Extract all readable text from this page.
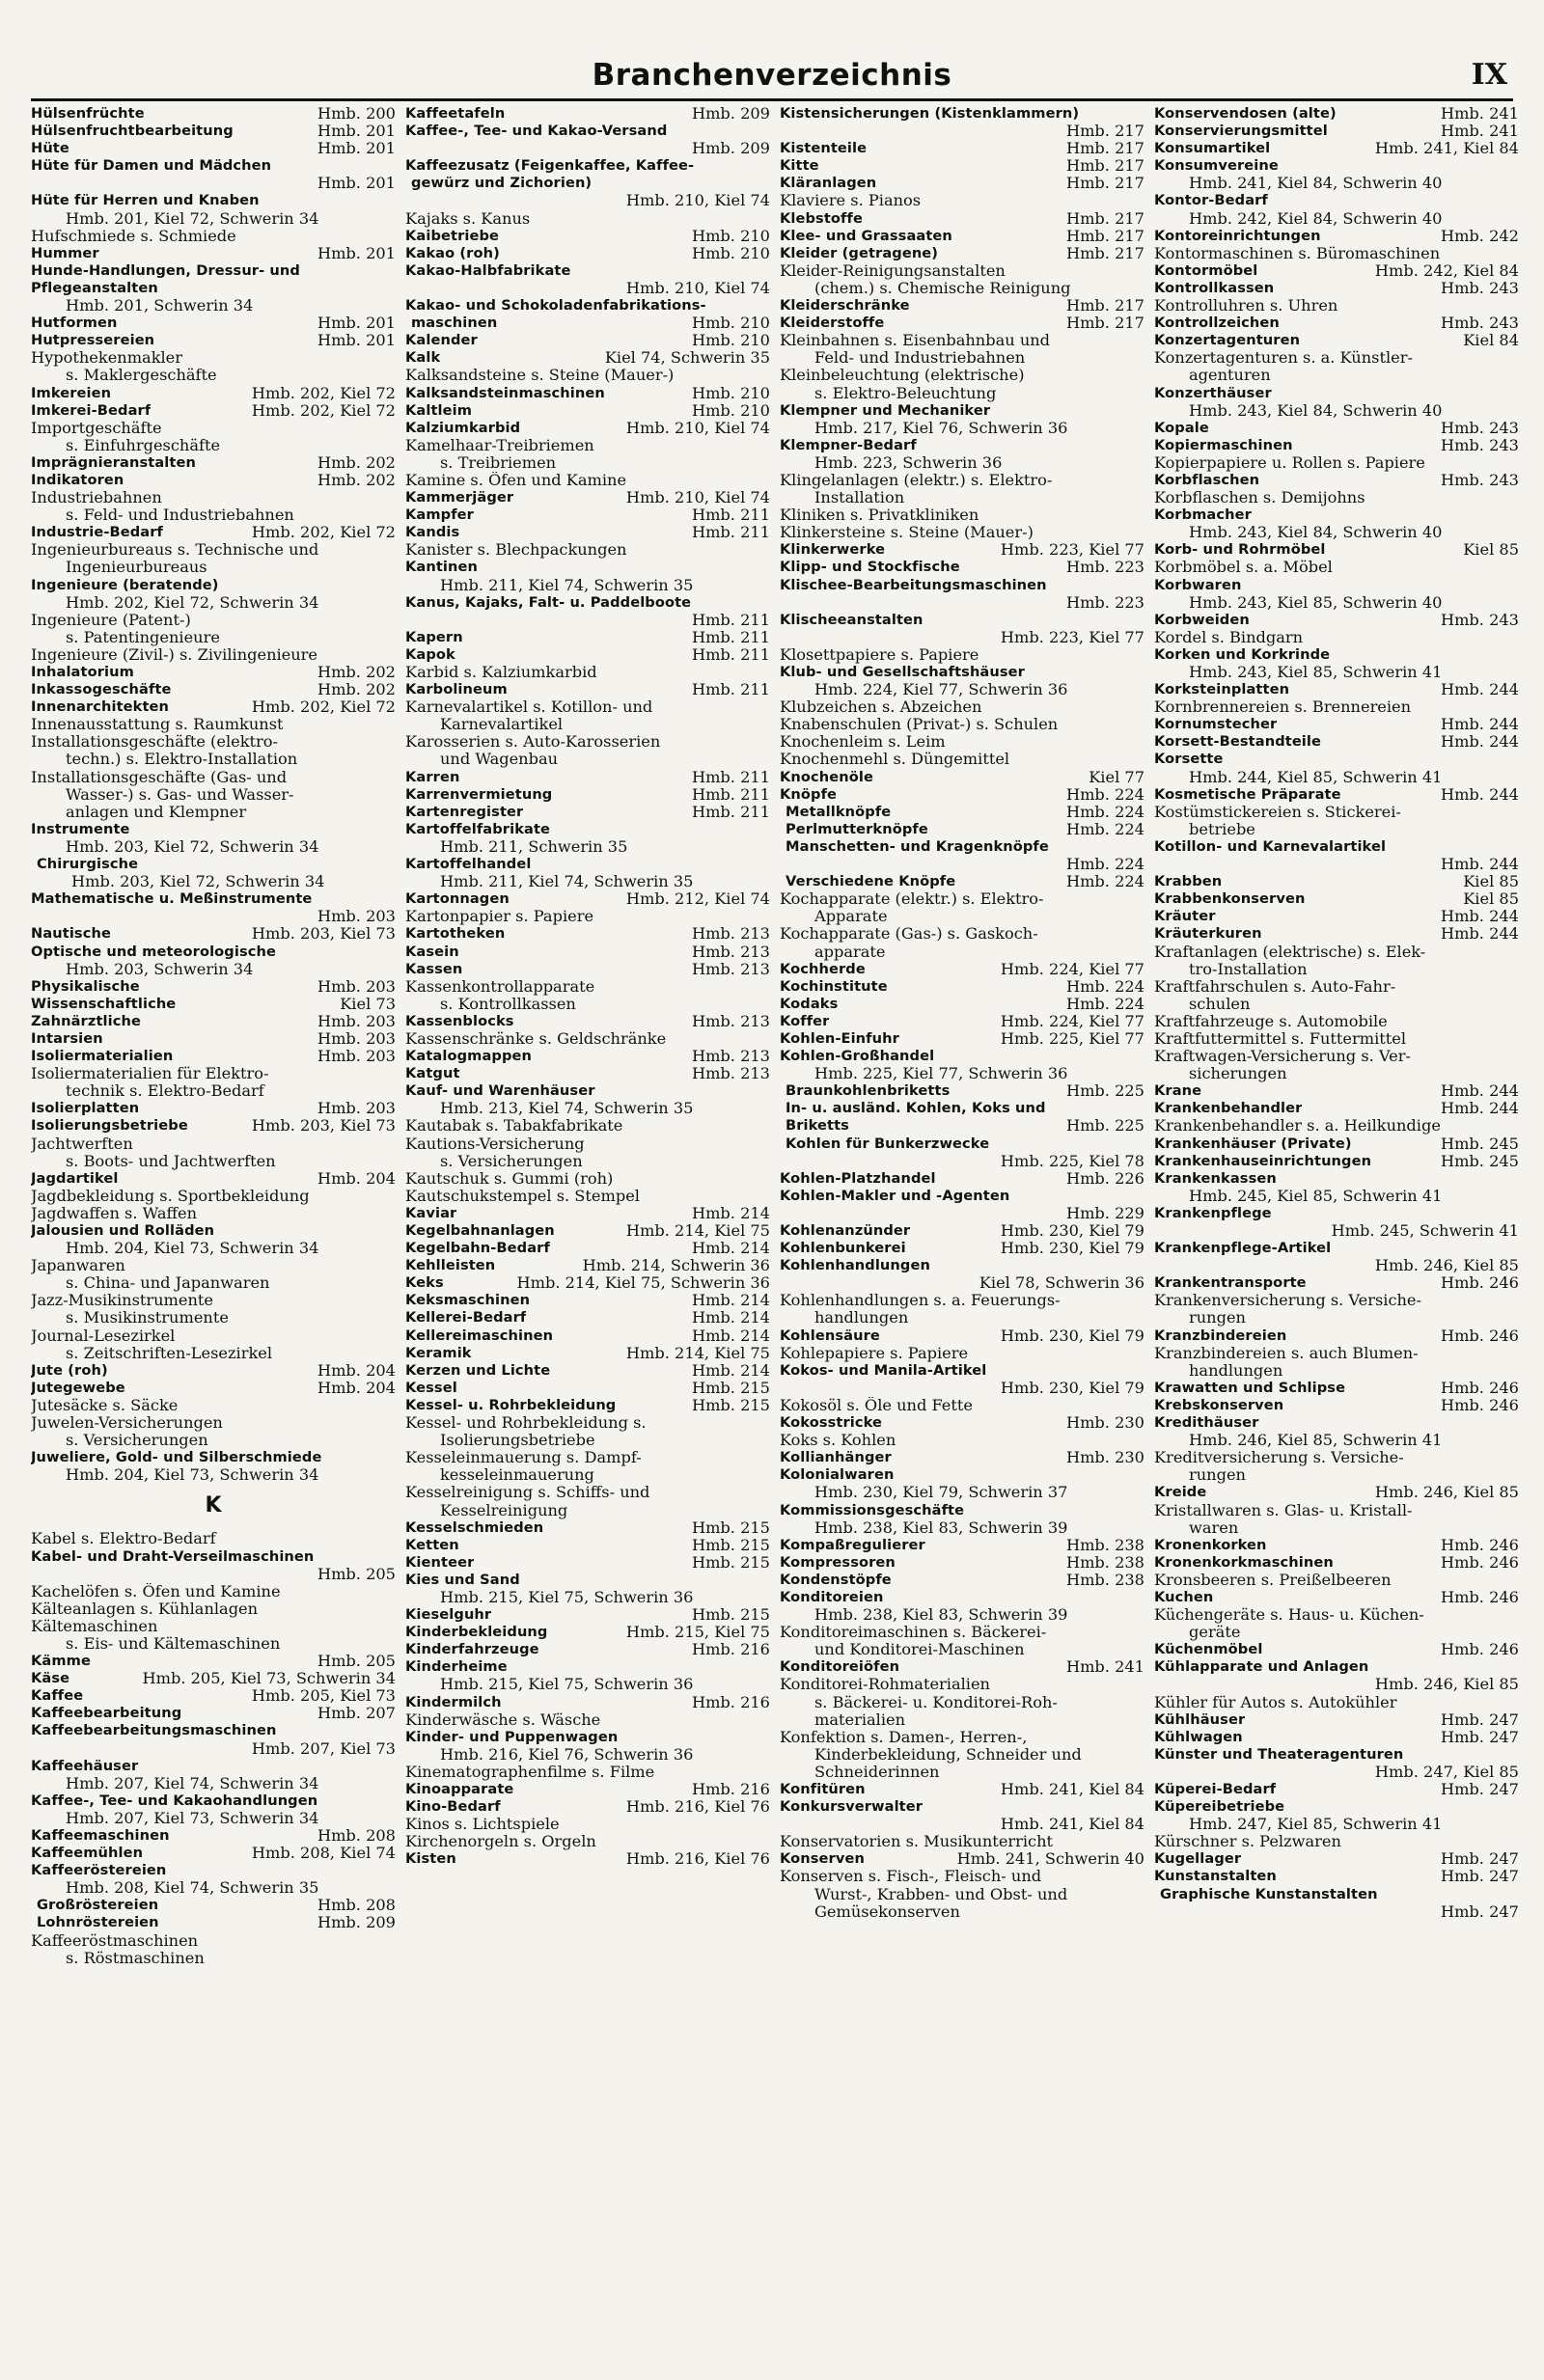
Branchenverzeichnis	IX
Hülsenfrüchte	Hmb. 200
Hülsenfruchtbearbeitung	Hmb. 201
Hüte	Hmb. 201
Hüte für Damen und Mädchen
Hmb. 201
Hüte für Herren und Knaben
Hmb. 201, Kiel 72, Schwerin 34
Hufschmiede s. Schmiede
Hummer	Hmb. 201
Hunde-Handlungen, Dressur- und
Pflegeanstalten
Hmb. 201, Schwerin 34
Hutformen	Hmb. 201
Hutpressereien	Hmb. 201
Hypothekenmakler
s. Maklergeschäfte
Imkereien	Hmb. 202, Kiel 72
Imkerei-Bedarf	Hmb. 202, Kiel 72
Importgeschäfte
s. Einfuhrgeschäfte
Imprägnieranstalten	Hmb. 202
Indikatoren	Hmb. 202
Industriebahnen
s. Feld- und Industriebahnen
Industrie-Bedarf	Hmb. 202, Kiel 72
Ingenieurbureaus s. Technische und
Ingenieurbureaus
Ingenieure (beratende)
Hmb. 202, Kiel 72, Schwerin 34
Ingenieure (Patent-)
s. Patentingenieure
Ingenieure (Zivil-) s. Zivilingenieure
Inhalatorium	Hmb. 202
Inkassogeschäfte	Hmb. 202
Innenarchitekten	Hmb. 202, Kiel 72
Innenausstattung s. Raumkunst
Installationsgeschäfte (elektro-
techn.) s. Elektro-Installation
Installationsgeschäfte (Gas- und
Wasser-) s. Gas- und Wasser-
anlagen und Klempner
Instrumente
Hmb. 203, Kiel 72, Schwerin 34
Chirurgische
Hmb. 203, Kiel 72, Schwerin 34
Mathematische u. Meßinstrumente
Hmb. 203
Nautische	Hmb. 203, Kiel 73
Optische und meteorologische
Hmb. 203, Schwerin 34
Physikalische	Hmb. 203
Wissenschaftliche	Kiel 73
Zahnärztliche	Hmb. 203
Intarsien	Hmb. 203
Isoliermaterialien	Hmb. 203
Isoliermaterialien für Elektro-
technik s. Elektro-Bedarf
Isolierplatten	Hmb. 203
Isolierungsbetriebe	Hmb. 203, Kiel 73
Jachtwerften
s. Boots- und Jachtwerften
Jagdartikel	Hmb. 204
Jagdbekleidung s. Sportbekleidung
Jagdwaffen s. Waffen
Jalousien und Rolläden
Hmb. 204, Kiel 73, Schwerin 34
Japanwaren
s. China- und Japanwaren
Jazz-Musikinstrumente
s. Musikinstrumente
Journal-Lesezirkel
s. Zeitschriften-Lesezirkel
Jute (roh)	Hmb. 204
Jutegewebe	Hmb. 204
Jutesäcke s. Säcke
Juwelen-Versicherungen
s. Versicherungen
Juweliere, Gold- und Silberschmiede
Hmb. 204, Kiel 73, Schwerin 34
K
Kabel s. Elektro-Bedarf
Kabel- und Draht-Verseilmaschinen
Hmb. 205
Kachelöfen s. Öfen und Kamine
Kälteanlagen s. Kühlanlagen
Kältemaschinen
s. Eis- und Kältemaschinen
Kämme	Hmb. 205
Käse	Hmb. 205, Kiel 73, Schwerin 34
Kaffee	Hmb. 205, Kiel 73
Kaffeebearbeitung	Hmb. 207
Kaffeebearbeitungsmaschinen
Hmb. 207, Kiel 73
Kaffeehäuser
Hmb. 207, Kiel 74, Schwerin 34
Kaffee-, Tee- und Kakaohandlungen
Hmb. 207, Kiel 73, Schwerin 34
Kaffeemaschinen	Hmb. 208
Kaffeemühlen	Hmb. 208, Kiel 74
Kaffeeröstereien
Hmb. 208, Kiel 74, Schwerin 35
Großröstereien	Hmb. 208
Lohnröstereien	Hmb. 209
Kaffeeröstmaschinen
s. Röstmaschinen
Kaffeetafeln	Hmb. 209
Kaffee-, Tee- und Kakao-Versand
Hmb. 209
Kaffeezusatz (Feigenkaffee, Kaffee-
gewürz und Zichorien)
Hmb. 210, Kiel 74
Kajaks s. Kanus
Kaibetriebe	Hmb. 210
Kakao (roh)	Hmb. 210
Kakao-Halbfabrikate
Hmb. 210, Kiel 74
Kakao- und Schokoladenfabrikations-
maschinen	Hmb. 210
Kalender	Hmb. 210
Kalk	Kiel 74, Schwerin 35
Kalksandsteine s. Steine (Mauer-)
Kalksandsteinmaschinen	Hmb. 210
Kaltleim	Hmb. 210
Kalziumkarbid	Hmb. 210, Kiel 74
Kamelhaar-Treibriemen
s. Treibriemen
Kamine s. Öfen und Kamine
Kammerjäger	Hmb. 210, Kiel 74
Kampfer	Hmb. 211
Kandis	Hmb. 211
Kanister s. Blechpackungen
Kantinen
Hmb. 211, Kiel 74, Schwerin 35
Kanus, Kajaks, Falt- u. Paddelboote
Hmb. 211
Kapern	Hmb. 211
Kapok	Hmb. 211
Karbid s. Kalziumkarbid
Karbolineum	Hmb. 211
Karnevalartikel s. Kotillon- und
Karnevalartikel
Karosserien s. Auto-Karosserien
und Wagenbau
Karren	Hmb. 211
Karrenvermietung	Hmb. 211
Kartenregister	Hmb. 211
Kartoffelfabrikate
Hmb. 211, Schwerin 35
Kartoffelhandel
Hmb. 211, Kiel 74, Schwerin 35
Kartonnagen	Hmb. 212, Kiel 74
Kartonpapier s. Papiere
Kartotheken	Hmb. 213
Kasein	Hmb. 213
Kassen	Hmb. 213
Kassenkontrollapparate
s. Kontrollkassen
Kassenblocks	Hmb. 213
Kassenschränke s. Geldschränke
Katalogmappen	Hmb. 213
Katgut	Hmb. 213
Kauf- und Warenhäuser
Hmb. 213, Kiel 74, Schwerin 35
Kautabak s. Tabakfabrikate
Kautions-Versicherung
s. Versicherungen
Kautschuk s. Gummi (roh)
Kautschukstempel s. Stempel
Kaviar	Hmb. 214
Kegelbahnanlagen	Hmb. 214, Kiel 75
Kegelbahn-Bedarf	Hmb. 214
Kehlleisten	Hmb. 214, Schwerin 36
Keks	Hmb. 214, Kiel 75, Schwerin 36
Keksmaschinen	Hmb. 214
Kellerei-Bedarf	Hmb. 214
Kellereimaschinen	Hmb. 214
Keramik	Hmb. 214, Kiel 75
Kerzen und Lichte	Hmb. 214
Kessel	Hmb. 215
Kessel- u. Rohrbekleidung	Hmb. 215
Kessel- und Rohrbekleidung s.
Isolierungsbetriebe
Kesseleinmauerung s. Dampf-
kesseleinmauerung
Kesselreinigung s. Schiffs- und
Kesselreinigung
Kesselschmieden	Hmb. 215
Ketten	Hmb. 215
Kienteer	Hmb. 215
Kies und Sand
Hmb. 215, Kiel 75, Schwerin 36
Kieselguhr	Hmb. 215
Kinderbekleidung	Hmb. 215, Kiel 75
Kinderfahrzeuge	Hmb. 216
Kinderheime
Hmb. 215, Kiel 75, Schwerin 36
Kindermilch	Hmb. 216
Kinderwäsche s. Wäsche
Kinder- und Puppenwagen
Hmb. 216, Kiel 76, Schwerin 36
Kinematographenfilme s. Filme
Kinoapparate	Hmb. 216
Kino-Bedarf	Hmb. 216, Kiel 76
Kinos s. Lichtspiele
Kirchenorgeln s. Orgeln
Kisten	Hmb. 216, Kiel 76
Kistensicherungen (Kistenklammern)
Hmb. 217
Kistenteile	Hmb. 217
Kitte	Hmb. 217
Kläranlagen	Hmb. 217
Klaviere s. Pianos
Klebstoffe	Hmb. 217
Klee- und Grassaaten	Hmb. 217
Kleider (getragene)	Hmb. 217
Kleider-Reinigungsanstalten
(chem.) s. Chemische Reinigung
Kleiderschränke	Hmb. 217
Kleiderstoffe	Hmb. 217
Kleinbahnen s. Eisenbahnbau und
Feld- und Industriebahnen
Kleinbeleuchtung (elektrische)
s. Elektro-Beleuchtung
Klempner und Mechaniker
Hmb. 217, Kiel 76, Schwerin 36
Klempner-Bedarf
Hmb. 223, Schwerin 36
Klingelanlagen (elektr.) s. Elektro-
Installation
Kliniken s. Privatkliniken
Klinkersteine s. Steine (Mauer-)
Klinkerwerke	Hmb. 223, Kiel 77
Klipp- und Stockfische	Hmb. 223
Klischee-Bearbeitungsmaschinen
Hmb. 223
Klischeeanstalten
Hmb. 223, Kiel 77
Klosettpapiere s. Papiere
Klub- und Gesellschaftshäuser
Hmb. 224, Kiel 77, Schwerin 36
Klubzeichen s. Abzeichen
Knabenschulen (Privat-) s. Schulen
Knochenleim s. Leim
Knochenmehl s. Düngemittel
Knochenöle	Kiel 77
Knöpfe	Hmb. 224
Metallknöpfe	Hmb. 224
Perlmutterknöpfe	Hmb. 224
Manschetten- und Kragenknöpfe
Hmb. 224
Verschiedene Knöpfe	Hmb. 224
Kochapparate (elektr.) s. Elektro-
Apparate
Kochapparate (Gas-) s. Gaskoch-
apparate
Kochherde	Hmb. 224, Kiel 77
Kochinstitute	Hmb. 224
Kodaks	Hmb. 224
Koffer	Hmb. 224, Kiel 77
Kohlen-Einfuhr	Hmb. 225, Kiel 77
Kohlen-Großhandel
Hmb. 225, Kiel 77, Schwerin 36
Braunkohlenbriketts	Hmb. 225
In- u. ausländ. Kohlen, Koks und
Briketts	Hmb. 225
Kohlen für Bunkerzwecke
Hmb. 225, Kiel 78
Kohlen-Platzhandel	Hmb. 226
Kohlen-Makler und -Agenten
Hmb. 229
Kohlenanzünder	Hmb. 230, Kiel 79
Kohlenbunkerei	Hmb. 230, Kiel 79
Kohlenhandlungen
Kiel 78, Schwerin 36
Kohlenhandlungen s. a. Feuerungs-
handlungen
Kohlensäure	Hmb. 230, Kiel 79
Kohlepapiere s. Papiere
Kokos- und Manila-Artikel
Hmb. 230, Kiel 79
Kokosöl s. Öle und Fette
Kokosstricke	Hmb. 230
Koks s. Kohlen
Kollianhänger	Hmb. 230
Kolonialwaren
Hmb. 230, Kiel 79, Schwerin 37
Kommissionsgeschäfte
Hmb. 238, Kiel 83, Schwerin 39
Kompaßregulierer	Hmb. 238
Kompressoren	Hmb. 238
Kondenstöpfe	Hmb. 238
Konditoreien
Hmb. 238, Kiel 83, Schwerin 39
Konditoreimaschinen s. Bäckerei-
und Konditorei-Maschinen
Konditoreiöfen	Hmb. 241
Konditorei-Rohmaterialien
s. Bäckerei- u. Konditorei-Roh-
materialien
Konfektion s. Damen-, Herren-,
Kinderbekleidung, Schneider und
Schneiderinnen
Konfitüren	Hmb. 241, Kiel 84
Konkursverwalter
Hmb. 241, Kiel 84
Konservatorien s. Musikunterricht
Konserven	Hmb. 241, Schwerin 40
Konserven s. Fisch-, Fleisch- und
Wurst-, Krabben- und Obst- und
Gemüsekonserven
Konservendosen (alte)	Hmb. 241
Konservierungsmittel	Hmb. 241
Konsumartikel	Hmb. 241, Kiel 84
Konsumvereine
Hmb. 241, Kiel 84, Schwerin 40
Kontor-Bedarf
Hmb. 242, Kiel 84, Schwerin 40
Kontoreinrichtungen	Hmb. 242
Kontormaschinen s. Büromaschinen
Kontormöbel	Hmb. 242, Kiel 84
Kontrollkassen	Hmb. 243
Kontrolluhren s. Uhren
Kontrollzeichen	Hmb. 243
Konzertagenturen	Kiel 84
Konzertagenturen s. a. Künstler-
agenturen
Konzerthäuser
Hmb. 243, Kiel 84, Schwerin 40
Kopale	Hmb. 243
Kopiermaschinen	Hmb. 243
Kopierpapiere u. Rollen s. Papiere
Korbflaschen	Hmb. 243
Korbflaschen s. Demijohns
Korbmacher
Hmb. 243, Kiel 84, Schwerin 40
Korb- und Rohrmöbel	Kiel 85
Korbmöbel s. a. Möbel
Korbwaren
Hmb. 243, Kiel 85, Schwerin 40
Korbweiden	Hmb. 243
Kordel s. Bindgarn
Korken und Korkrinde
Hmb. 243, Kiel 85, Schwerin 41
Korksteinplatten	Hmb. 244
Kornbrennereien s. Brennereien
Kornumstecher	Hmb. 244
Korsett-Bestandteile	Hmb. 244
Korsette
Hmb. 244, Kiel 85, Schwerin 41
Kosmetische Präparate	Hmb. 244
Kostümstickereien s. Stickerei-
betriebe
Kotillon- und Karnevalartikel
Hmb. 244
Krabben	Kiel 85
Krabbenkonserven	Kiel 85
Kräuter	Hmb. 244
Kräuterkuren	Hmb. 244
Kraftanlagen (elektrische) s. Elek-
tro-Installation
Kraftfahrschulen s. Auto-Fahr-
schulen
Kraftfahrzeuge s. Automobile
Kraftfuttermittel s. Futtermittel
Kraftwagen-Versicherung s. Ver-
sicherungen
Krane	Hmb. 244
Krankenbehandler	Hmb. 244
Krankenbehandler s. a. Heilkundige
Krankenhäuser (Private)	Hmb. 245
Krankenhauseinrichtungen	Hmb. 245
Krankenkassen
Hmb. 245, Kiel 85, Schwerin 41
Krankenpflege
Hmb. 245, Schwerin 41
Krankenpflege-Artikel
Hmb. 246, Kiel 85
Krankentransporte	Hmb. 246
Krankenversicherung s. Versiche-
rungen
Kranzbindereien	Hmb. 246
Kranzbindereien s. auch Blumen-
handlungen
Krawatten und Schlipse	Hmb. 246
Krebskonserven	Hmb. 246
Kredithäuser
Hmb. 246, Kiel 85, Schwerin 41
Kreditversicherung s. Versiche-
rungen
Kreide	Hmb. 246, Kiel 85
Kristallwaren s. Glas- u. Kristall-
waren
Kronenkorken	Hmb. 246
Kronenkorkmaschinen	Hmb. 246
Kronsbeeren s. Preißelbeeren
Kuchen	Hmb. 246
Küchengeräte s. Haus- u. Küchen-
geräte
Küchenmöbel	Hmb. 246
Kühlapparate und Anlagen
Hmb. 246, Kiel 85
Kühler für Autos s. Autokühler
Kühlhäuser	Hmb. 247
Kühlwagen	Hmb. 247
Künster und Theateragenturen
Hmb. 247, Kiel 85
Küperei-Bedarf	Hmb. 247
Küpereibetriebe
Hmb. 247, Kiel 85, Schwerin 41
Kürschner s. Pelzwaren
Kugellager	Hmb. 247
Kunstanstalten	Hmb. 247
Graphische Kunstanstalten
Hmb. 247
